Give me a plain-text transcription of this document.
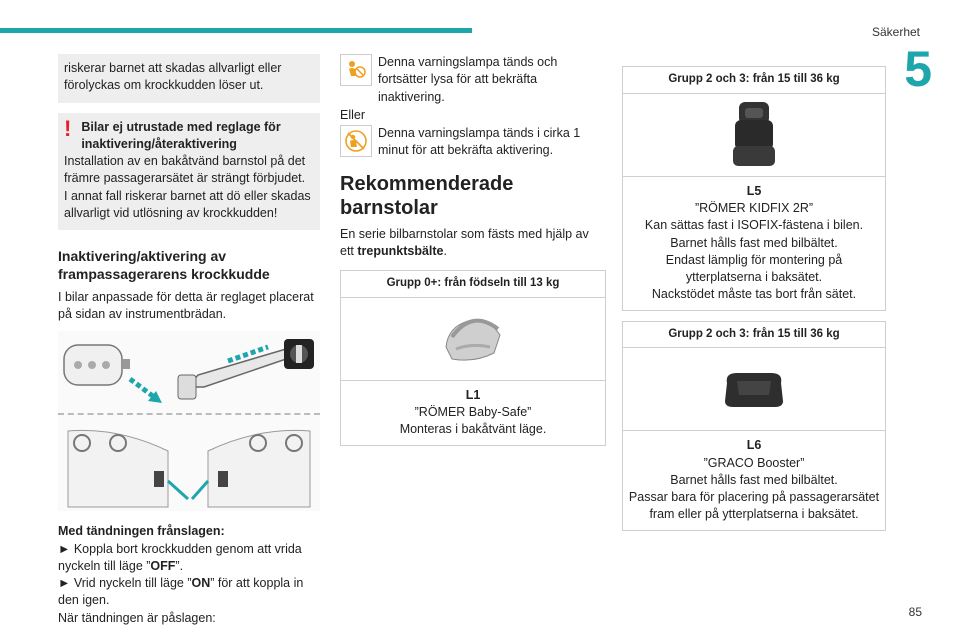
Säkerhet
5

riskerar barnet att skadas allvarligt eller förolyckas om krockkudden löser ut.

! Bilar ej utrustade med reglage för inaktivering/återaktivering

Installation av en bakåtvänd barnstol på det främre passagerarsätet är strängt förbjudet.

I annat fall riskerar barnet att dö eller skadas allvarligt vid utlösning av krockkudden!

Inaktivering/aktivering av frampassagerarens krockkudde

I bilar anpassade för detta är reglaget placerat på sidan av instrumentbrädan.

Med tändningen frånslagen:

► Koppla bort krockkudden genom att vrida nyckeln till läge ”OFF”.

► Vrid nyckeln till läge ”ON” för att koppla in den igen.

När tändningen är påslagen:

Denna varningslampa tänds och fortsätter lysa för att bekräfta inaktivering.

Eller

Denna varningslampa tänds i cirka 1 minut för att bekräfta aktivering.

Rekommenderade barnstolar

En serie bilbarnstolar som fästs med hjälp av ett trepunktsbälte.

Grupp 0+: från födseln till 13 kg
L1
”RÖMER Baby-Safe”
Monteras i bakåtvänt läge.
Grupp 2 och 3: från 15 till 36 kg
L5
”RÖMER KIDFIX 2R”
Kan sättas fast i ISOFIX-fästena i bilen.
Barnet hålls fast med bilbältet.
Endast lämplig för montering på ytterplatserna i baksätet.
Nackstödet måste tas bort från sätet.
Grupp 2 och 3: från 15 till 36 kg
L6
”GRACO Booster”
Barnet hålls fast med bilbältet.
Passar bara för placering på passagerarsätet fram eller på ytterplatserna i baksätet.
85
